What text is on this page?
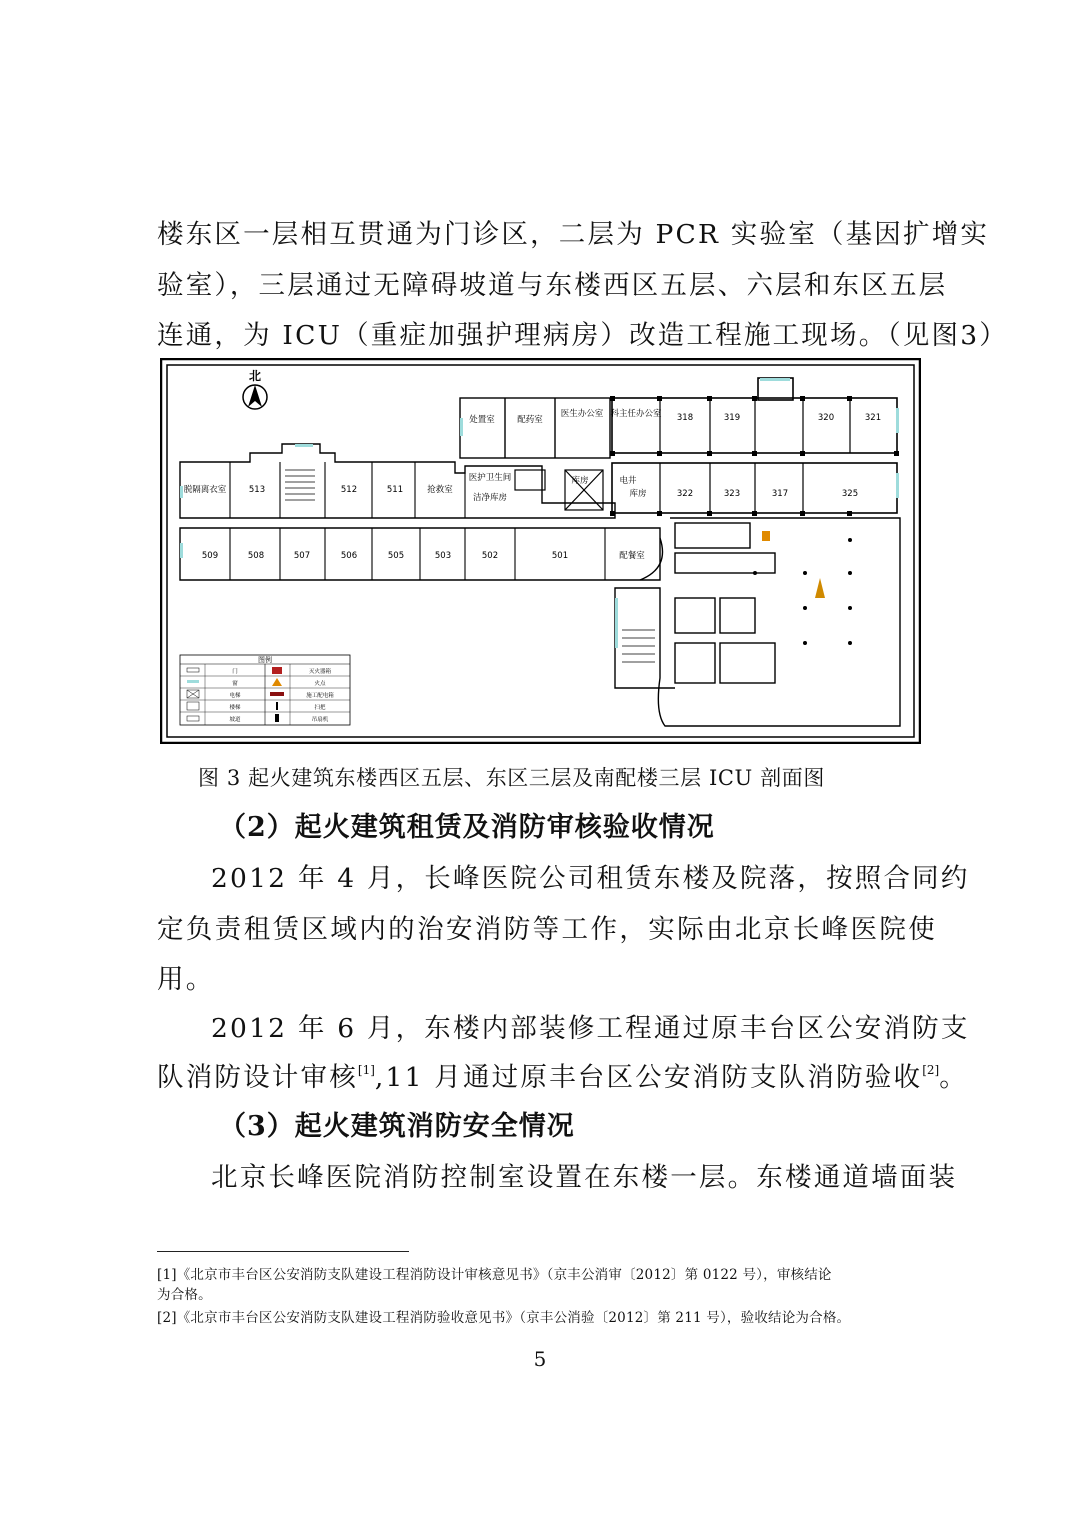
楼东区一层相互贯通为门诊区，二层为 PCR 实验室（基因扩增实
验室），三层通过无障碍坡道与东楼西区五层、六层和东区五层
连通，为 ICU（重症加强护理病房）改造工程施工现场。（见图3）
北
处置室	配药室
医生办公室 科主任办公室 318	319	320	321
脱隔离衣室	513	512	511	抢救室
医护卫生间
洁净库房
库房	电井
库房	322	323	317	325
509	508	507	506	505	503	502	501	配餐室
图例
门
窗
电梯
楼梯
坡道
灭火器箱
火点
施工配电箱
扫把
吊扇机
图 3 起火建筑东楼西区五层、东区三层及南配楼三层 ICU 剖面图
（2）起火建筑租赁及消防审核验收情况
2012 年 4 月，长峰医院公司租赁东楼及院落，按照合同约
定负责租赁区域内的治安消防等工作，实际由北京长峰医院使
用。
2012 年 6 月，东楼内部装修工程通过原丰台区公安消防支
队消防设计审核[1],11 月通过原丰台区公安消防支队消防验收[2]。
（3）起火建筑消防安全情况
北京长峰医院消防控制室设置在东楼一层。东楼通道墙面装
[1]《北京市丰台区公安消防支队建设工程消防设计审核意见书》（京丰公消审〔2012〕第 0122 号），审核结论
为合格。
[2]《北京市丰台区公安消防支队建设工程消防验收意见书》（京丰公消验〔2012〕第 211 号），验收结论为合格。
5
